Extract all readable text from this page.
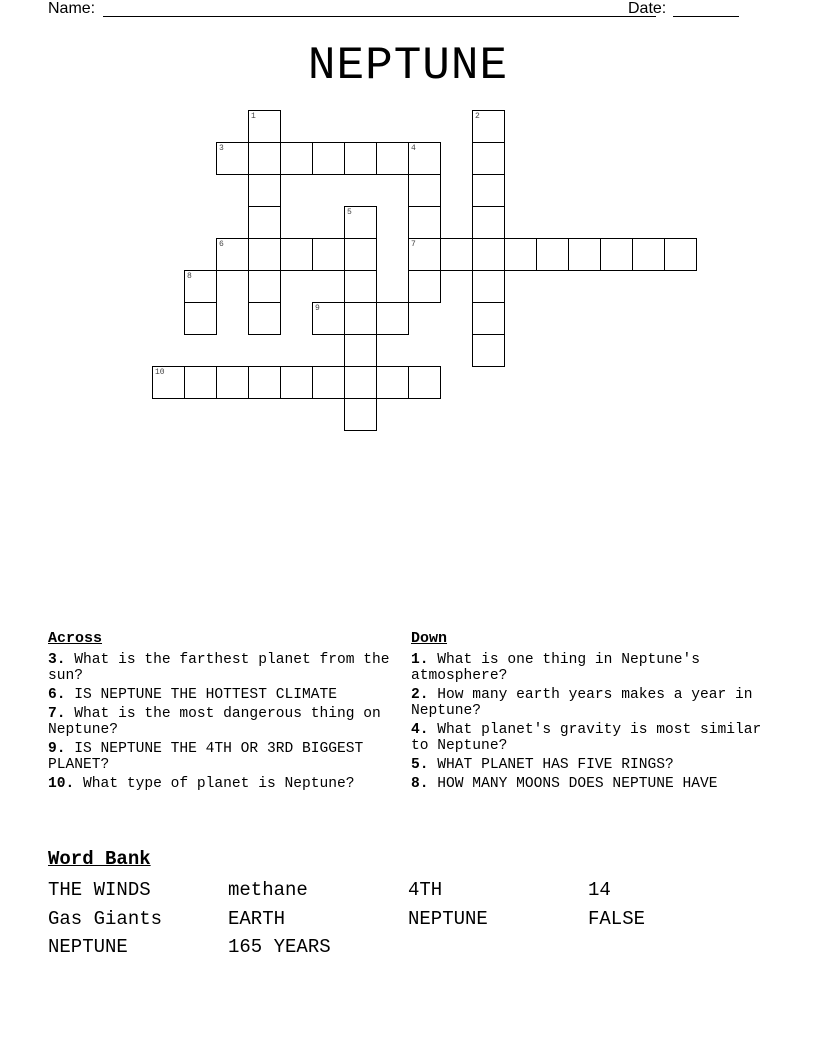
Name:	Date:
NEPTUNE
3	4
6	7
9
10
1	2
5
8
Across
3. What is the farthest planet from the sun?
6. IS NEPTUNE THE HOTTEST CLIMATE
7. What is the most dangerous thing on Neptune?
9. IS NEPTUNE THE 4TH OR 3RD BIGGEST PLANET?
10. What type of planet is Neptune?
Down
1. What is one thing in Neptune's atmosphere?
2. How many earth years makes a year in Neptune?
4. What planet's gravity is most similar to Neptune?
5. WHAT PLANET HAS FIVE RINGS?
8. HOW MANY MOONS DOES NEPTUNE HAVE
Word Bank
THE WINDS	methane	4TH	14
Gas Giants	EARTH	NEPTUNE	FALSE
NEPTUNE	165 YEARS
